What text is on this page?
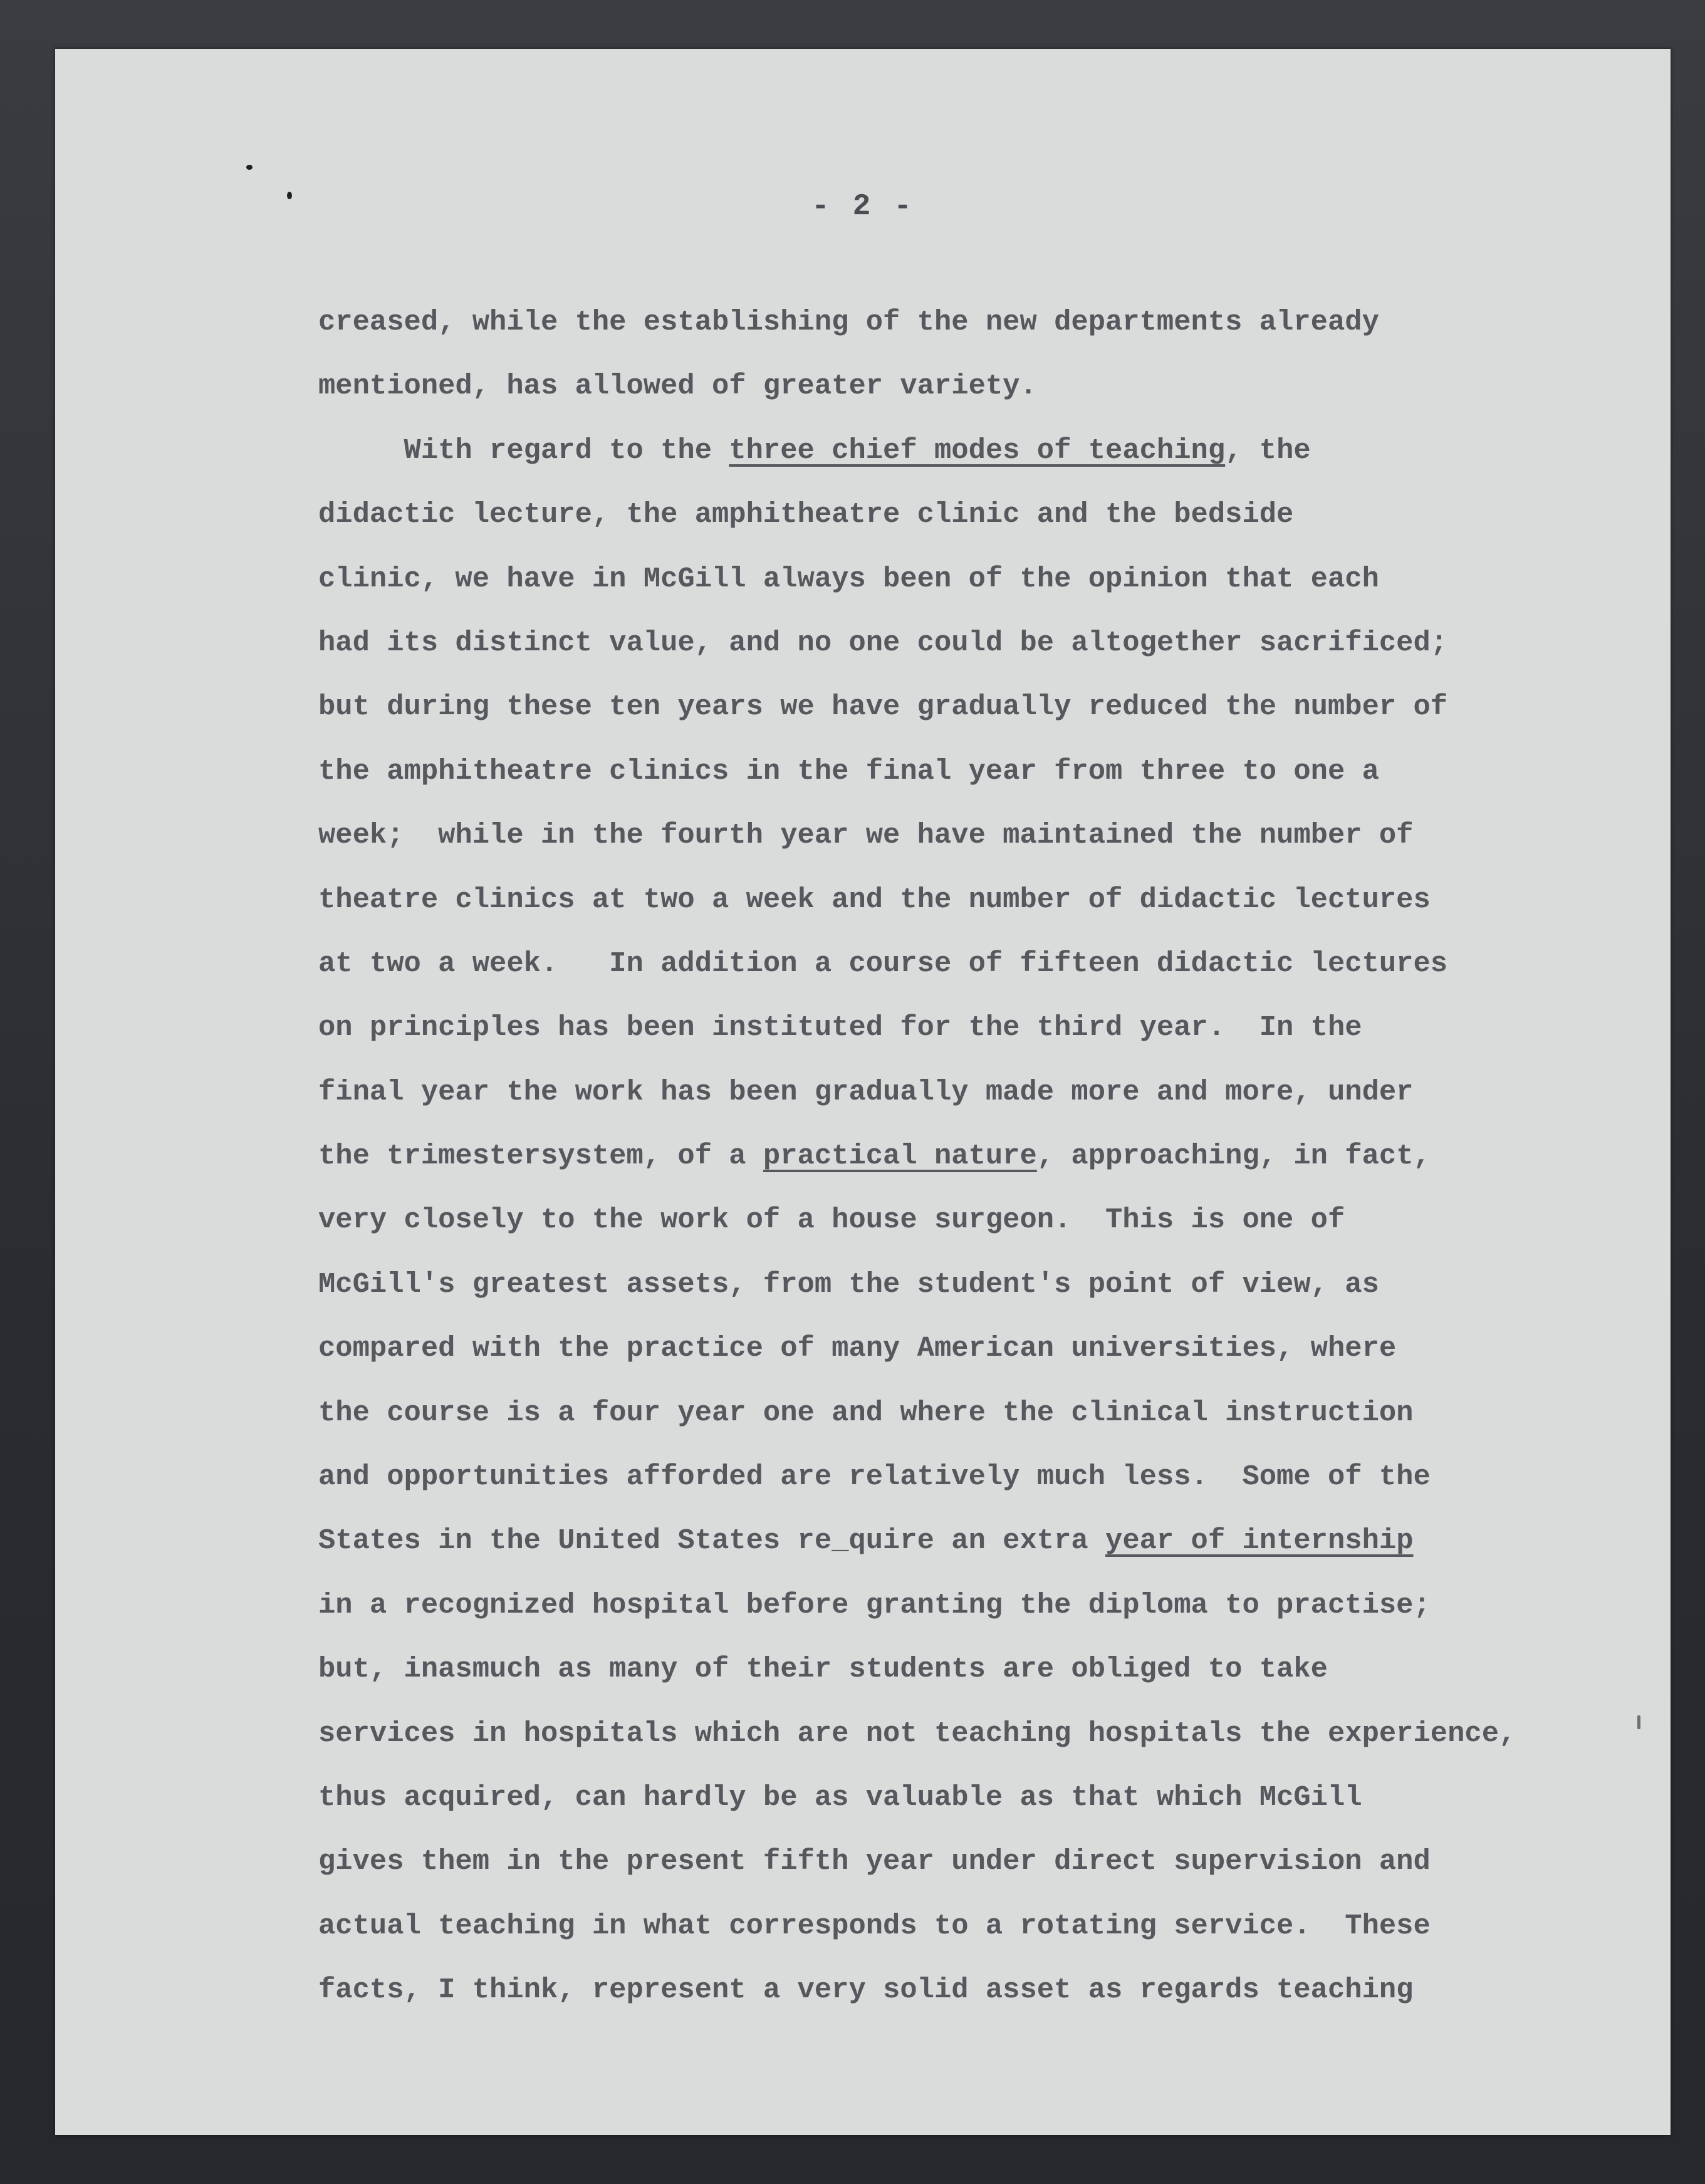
- 2 -
creased, while the establishing of the new departments already
mentioned, has allowed of greater variety.
With regard to the three chief modes of teaching, the
didactic lecture, the amphitheatre clinic and the bedside
clinic, we have in McGill always been of the opinion that each
had its distinct value, and no one could be altogether sacrificed;
but during these ten years we have gradually reduced the number of
the amphitheatre clinics in the final year from three to one a
week;  while in the fourth year we have maintained the number of
theatre clinics at two a week and the number of didactic lectures
at two a week.   In addition a course of fifteen didactic lectures
on principles has been instituted for the third year.  In the
final year the work has been gradually made more and more, under
the trimestersystem, of a practical nature, approaching, in fact,
very closely to the work of a house surgeon.  This is one of
McGill's greatest assets, from the student's point of view, as
compared with the practice of many American universities, where
the course is a four year one and where the clinical instruction
and opportunities afforded are relatively much less.  Some of the
States in the United States re_quire an extra year of internship
in a recognized hospital before granting the diploma to practise;
but, inasmuch as many of their students are obliged to take
services in hospitals which are not teaching hospitals the experience,
thus acquired, can hardly be as valuable as that which McGill
gives them in the present fifth year under direct supervision and
actual teaching in what corresponds to a rotating service.  These
facts, I think, represent a very solid asset as regards teaching
